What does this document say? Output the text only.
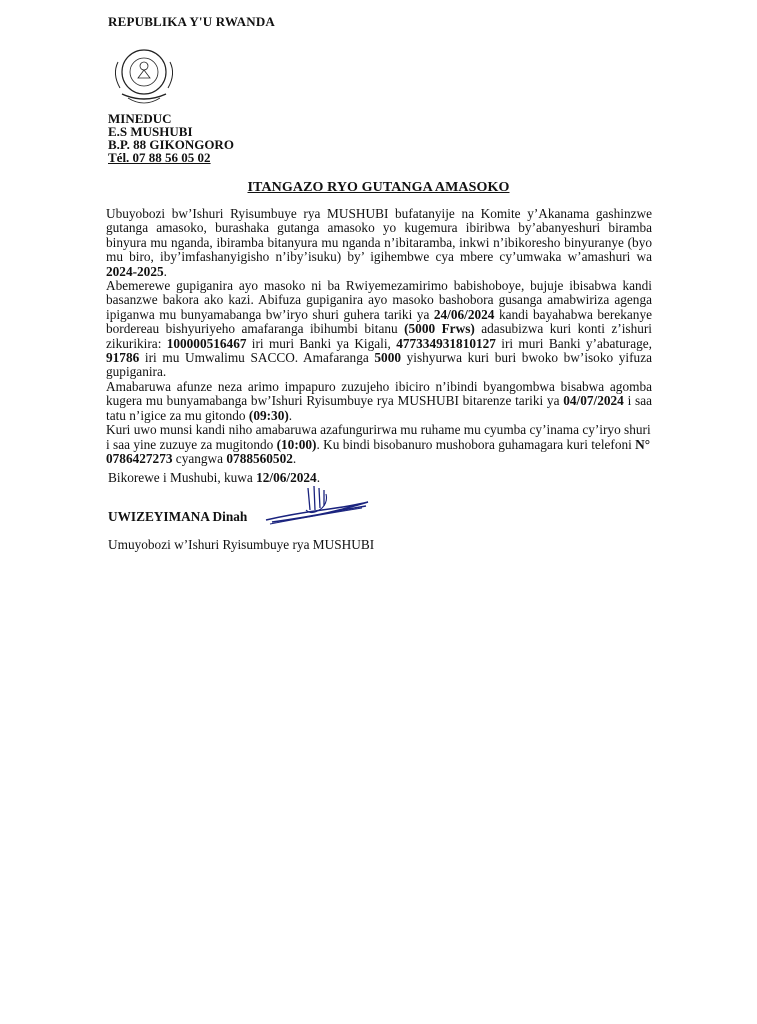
REPUBLIKA Y'U RWANDA
MINEDUC
E.S MUSHUBI
B.P. 88 GIKONGORO
Tél. 07 88 56 05 02
ITANGAZO RYO GUTANGA AMASOKO

Ubuyobozi bw’Ishuri Ryisumbuye rya MUSHUBI bufatanyije na Komite y’Akanama gashinzwe gutanga amasoko, burashaka gutanga amasoko yo kugemura ibiribwa by’abanyeshuri biramba binyura mu nganda, ibiramba bitanyura mu nganda n’ibitaramba, inkwi n’ibikoresho binyuranye (byo mu biro, iby’imfashanyigisho n’iby’isuku) by’ igihembwe cya mbere cy’umwaka w’amashuri wa 2024-2025.

Abemerewe gupiganira ayo masoko ni ba Rwiyemezamirimo babishoboye, bujuje ibisabwa kandi basanzwe bakora ako kazi. Abifuza gupiganira ayo masoko bashobora gusanga amabwiriza agenga ipiganwa mu bunyamabanga bw’iryo shuri guhera tariki ya 24/06/2024 kandi bayahabwa berekanye bordereau bishyuriyeho amafaranga ibihumbi bitanu (5000 Frws) adasubizwa kuri konti z’ishuri zikurikira: 100000516467 iri muri Banki ya Kigali, 477334931810127 iri muri Banki y’abaturage, 91786 iri mu Umwalimu SACCO. Amafaranga 5000 yishyurwa kuri buri bwoko bw’isoko yifuza gupiganira.

Amabaruwa afunze neza arimo impapuro zuzujeho ibiciro n’ibindi byangombwa bisabwa agomba kugera mu bunyamabanga bw’Ishuri Ryisumbuye rya MUSHUBI bitarenze tariki ya 04/07/2024 i saa tatu n’igice za mu gitondo (09:30).

Kuri uwo munsi kandi niho amabaruwa azafungurirwa mu ruhame mu cyumba cy’inama cy’iryo shuri i saa yine zuzuye za mugitondo (10:00). Ku bindi bisobanuro mushobora guhamagara kuri telefoni N° 0786427273 cyangwa 0788560502.

Bikorewe i Mushubi, kuwa 12/06/2024.
UWIZEYIMANA Dinah
Umuyobozi w’Ishuri Ryisumbuye rya MUSHUBI
